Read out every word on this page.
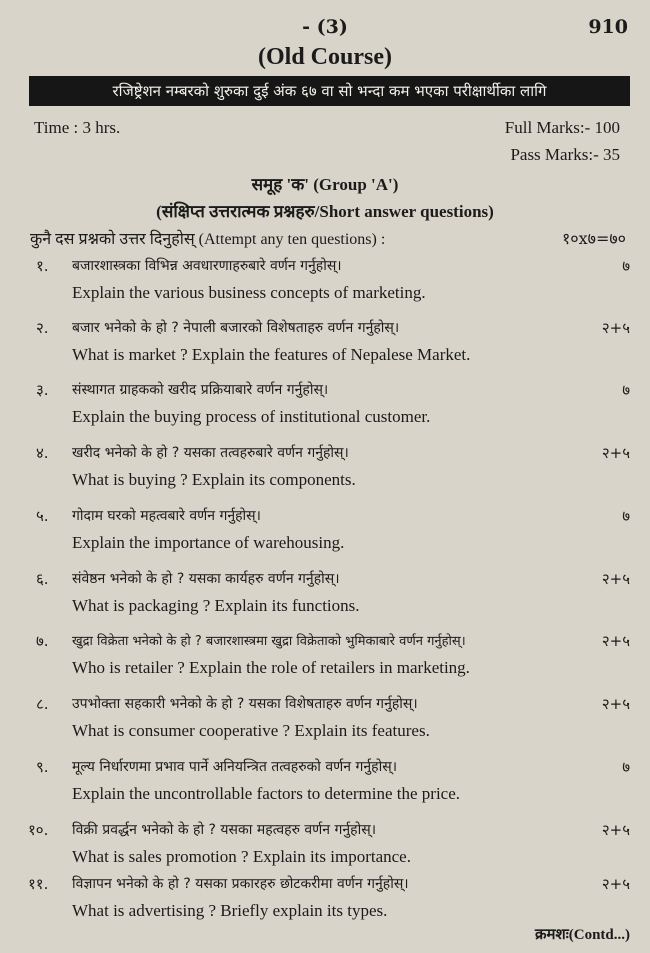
- (3)	910
(Old Course)
रजिष्ट्रेशन नम्बरको शुरुका दुई अंक ६७ वा सो भन्दा कम भएका परीक्षार्थीका लागि
Time : 3 hrs.	Full Marks:- 100
Pass Marks:- 35
समूह 'क' (Group 'A')
(संक्षिप्त उत्तरात्मक प्रश्नहरु/Short answer questions)
कुनै दस प्रश्नको उत्तर दिनुहोस् (Attempt any ten questions) :	१०x७=७०
१. बजारशास्त्रका विभिन्न अवधारणाहरुबारे वर्णन गर्नुहोस्।	७
Explain the various business concepts of marketing.
२. बजार भनेको के हो ? नेपाली बजारको विशेषताहरु वर्णन गर्नुहोस्।	२+५
What is market ? Explain the features of Nepalese Market.
३. संस्थागत ग्राहकको खरीद प्रक्रियाबारे वर्णन गर्नुहोस्।	७
Explain the buying process of institutional customer.
४. खरीद भनेको के हो ? यसका तत्वहरुबारे वर्णन गर्नुहोस्।	२+५
What is buying ? Explain its components.
५. गोदाम घरको महत्वबारे वर्णन गर्नुहोस्।	७
Explain the importance of warehousing.
६. संवेष्ठन भनेको के हो ? यसका कार्यहरु वर्णन गर्नुहोस्।	२+५
What is packaging ? Explain its functions.
७. खुद्रा विक्रेता भनेको के हो ? बजारशास्त्रमा खुद्रा विक्रेताको भुमिकाबारे वर्णन गर्नुहोस्।	२+५
Who is retailer ? Explain the role of retailers in marketing.
८. उपभोक्ता सहकारी भनेको के हो ? यसका विशेषताहरु वर्णन गर्नुहोस्।	२+५
What is consumer cooperative ? Explain its features.
९. मूल्य निर्धारणमा प्रभाव पार्ने अनियन्त्रित तत्वहरुको वर्णन गर्नुहोस्।	७
Explain the uncontrollable factors to determine the price.
१०. विक्री प्रवर्द्धन भनेको के हो ? यसका महत्वहरु वर्णन गर्नुहोस्।	२+५
What is sales promotion ? Explain its importance.
११. विज्ञापन भनेको के हो ? यसका प्रकारहरु छोटकरीमा वर्णन गर्नुहोस्।	२+५
What is advertising ? Briefly explain its types.
क्रमशः(Contd...)
